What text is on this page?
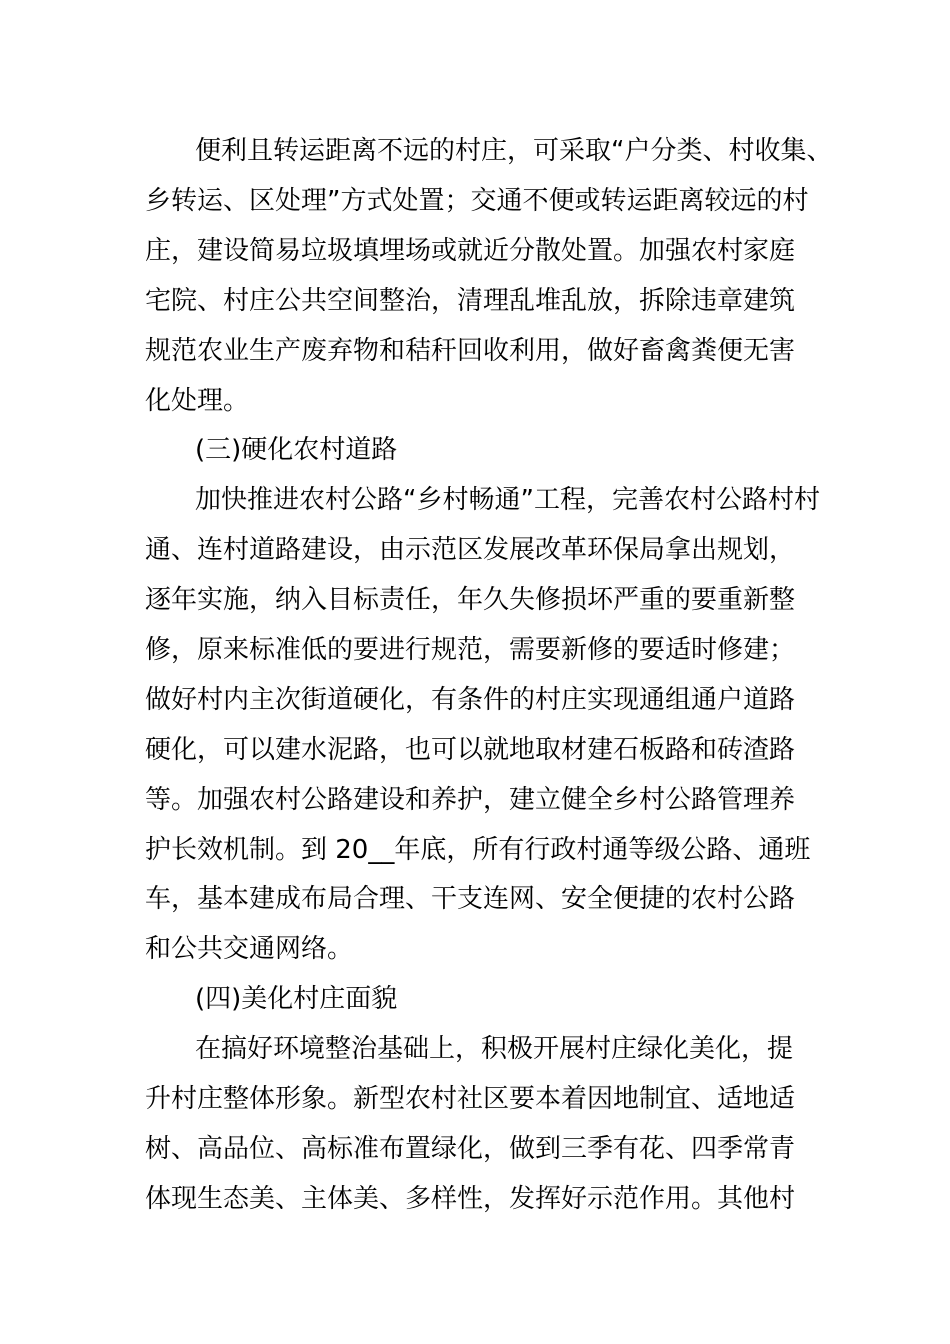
便利且转运距离不远的村庄，可采取“户分类、村收集、
乡转运、区处理”方式处置；交通不便或转运距离较远的村
庄，建设简易垃圾填埋场或就近分散处置。加强农村家庭
宅院、村庄公共空间整治，清理乱堆乱放，拆除违章建筑
规范农业生产废弃物和秸秆回收利用，做好畜禽粪便无害
化处理。
(三)硬化农村道路
加快推进农村公路“乡村畅通”工程，完善农村公路村村
通、连村道路建设，由示范区发展改革环保局拿出规划，
逐年实施，纳入目标责任，年久失修损坏严重的要重新整
修，原来标准低的要进行规范，需要新修的要适时修建；
做好村内主次街道硬化，有条件的村庄实现通组通户道路
硬化，可以建水泥路，也可以就地取材建石板路和砖渣路
等。加强农村公路建设和养护，建立健全乡村公路管理养
护长效机制。到 20__年底，所有行政村通等级公路、通班
车，基本建成布局合理、干支连网、安全便捷的农村公路
和公共交通网络。
(四)美化村庄面貌
在搞好环境整治基础上，积极开展村庄绿化美化，提
升村庄整体形象。新型农村社区要本着因地制宜、适地适
树、高品位、高标准布置绿化，做到三季有花、四季常青
体现生态美、主体美、多样性，发挥好示范作用。其他村
